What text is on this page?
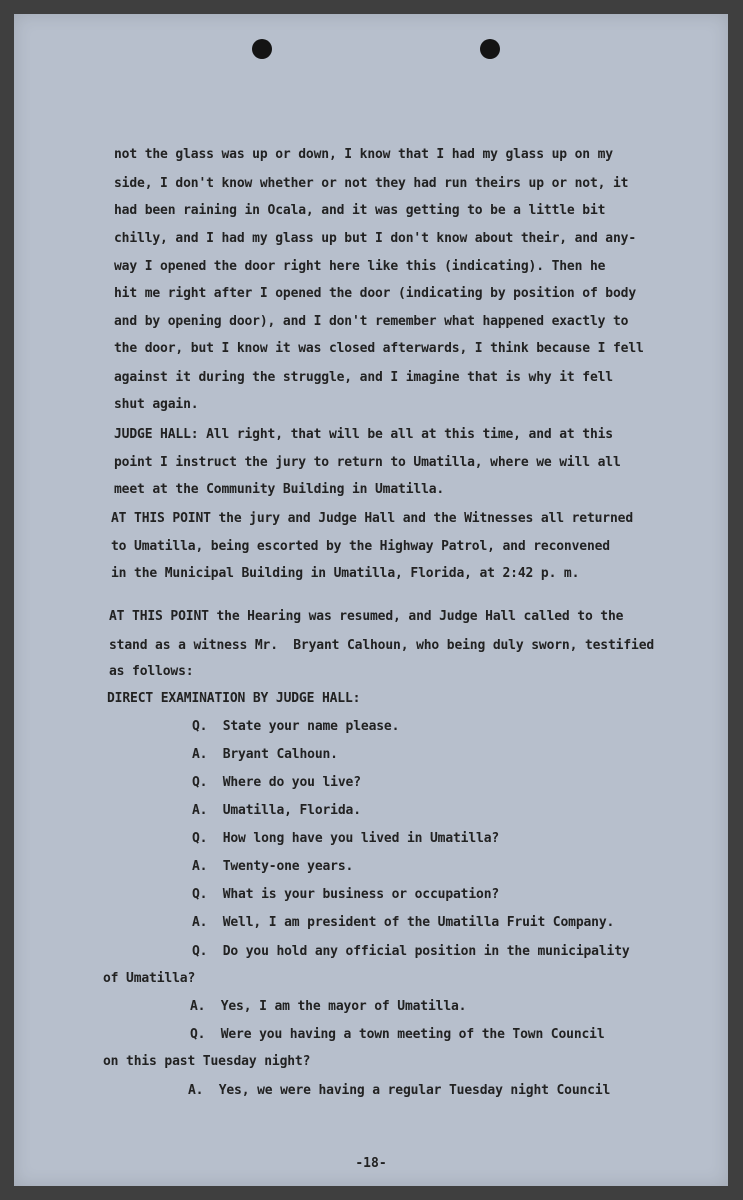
not the glass was up or down, I know that I had my glass up on my
side, I don't know whether or not they had run theirs up or not, it
had been raining in Ocala, and it was getting to be a little bit
chilly, and I had my glass up but I don't know about their, and any-
way I opened the door right here like this (indicating). Then he
hit me right after I opened the door (indicating by position of body
and by opening door), and I don't remember what happened exactly to
the door, but I know it was closed afterwards, I think because I fell
against it during the struggle, and I imagine that is why it fell
shut again.
JUDGE HALL: All right, that will be all at this time, and at this
point I instruct the jury to return to Umatilla, where we will all
meet at the Community Building in Umatilla.
AT THIS POINT the jury and Judge Hall and the Witnesses all returned
to Umatilla, being escorted by the Highway Patrol, and reconvened
in the Municipal Building in Umatilla, Florida, at 2:42 p. m.
AT THIS POINT the Hearing was resumed, and Judge Hall called to the
stand as a witness Mr.  Bryant Calhoun, who being duly sworn, testified
as follows:
DIRECT EXAMINATION BY JUDGE HALL:
Q.  State your name please.
A.  Bryant Calhoun.
Q.  Where do you live?
A.  Umatilla, Florida.
Q.  How long have you lived in Umatilla?
A.  Twenty-one years.
Q.  What is your business or occupation?
A.  Well, I am president of the Umatilla Fruit Company.
Q.  Do you hold any official position in the municipality
of Umatilla?
A.  Yes, I am the mayor of Umatilla.
Q.  Were you having a town meeting of the Town Council
on this past Tuesday night?
A.  Yes, we were having a regular Tuesday night Council
-18-
